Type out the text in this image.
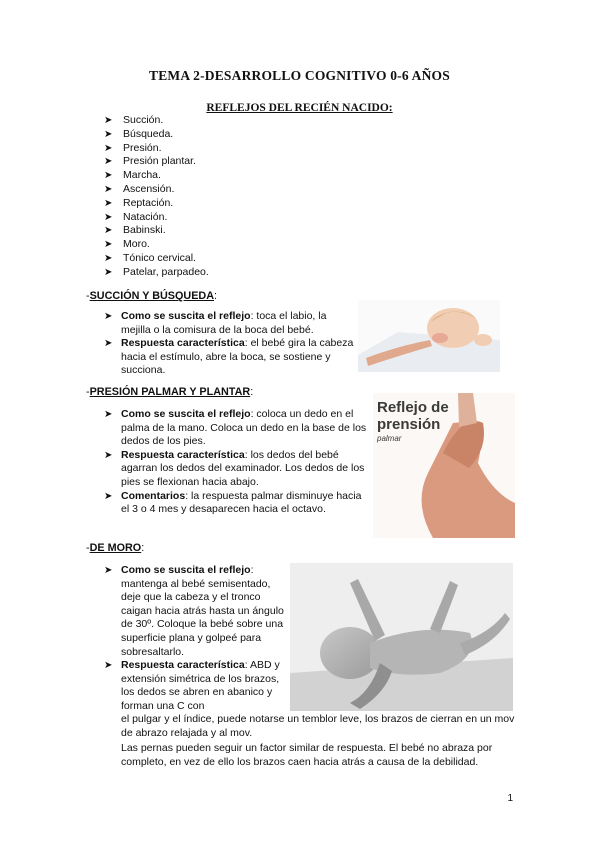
TEMA 2-DESARROLLO COGNITIVO 0-6 AÑOS
REFLEJOS DEL RECIÉN NACIDO:
➤ Succión.
➤ Búsqueda.
➤ Presión.
➤ Presión plantar.
➤ Marcha.
➤ Ascensión.
➤ Reptación.
➤ Natación.
➤ Babinski.
➤ Moro.
➤ Tónico cervical.
➤ Patelar, parpadeo.
-SUCCIÓN Y BÚSQUEDA:
➤ Como se suscita el reflejo: toca el labio, la mejilla o la comisura de la boca del bebé.
➤ Respuesta característica: el bebé gira la cabeza hacia el estímulo, abre la boca, se sostiene y succiona.
-PRESIÓN PALMAR Y PLANTAR:
➤ Como se suscita el reflejo: coloca un dedo en el palma de la mano. Coloca un dedo en la base de los dedos de los pies.
➤ Respuesta característica: los dedos del bebé agarran los dedos del examinador. Los dedos de los pies se flexionan hacia abajo.
➤ Comentarios: la respuesta palmar disminuye hacia el 3 o 4 mes y desaparecen hacia el octavo.
Reflejo de
prensión
palmar
-DE MORO:
➤ Como se suscita el reflejo: mantenga al bebé semisentado, deje que la cabeza y el tronco caigan hacia atrás hasta un ángulo de 30º. Coloque la bebé sobre una superficie plana y golpeé para sobresaltarlo.
➤ Respuesta característica: ABD y extensión simétrica de los brazos, los dedos se abren en abanico y forman una C con
el pulgar y el índice, puede notarse un temblor leve, los brazos de cierran en un mov de abrazo relajada y al mov.
Las pernas pueden seguir un factor similar de respuesta. El bebé no abraza por completo, en vez de ello los brazos caen hacia atrás a causa de la debilidad.
1
